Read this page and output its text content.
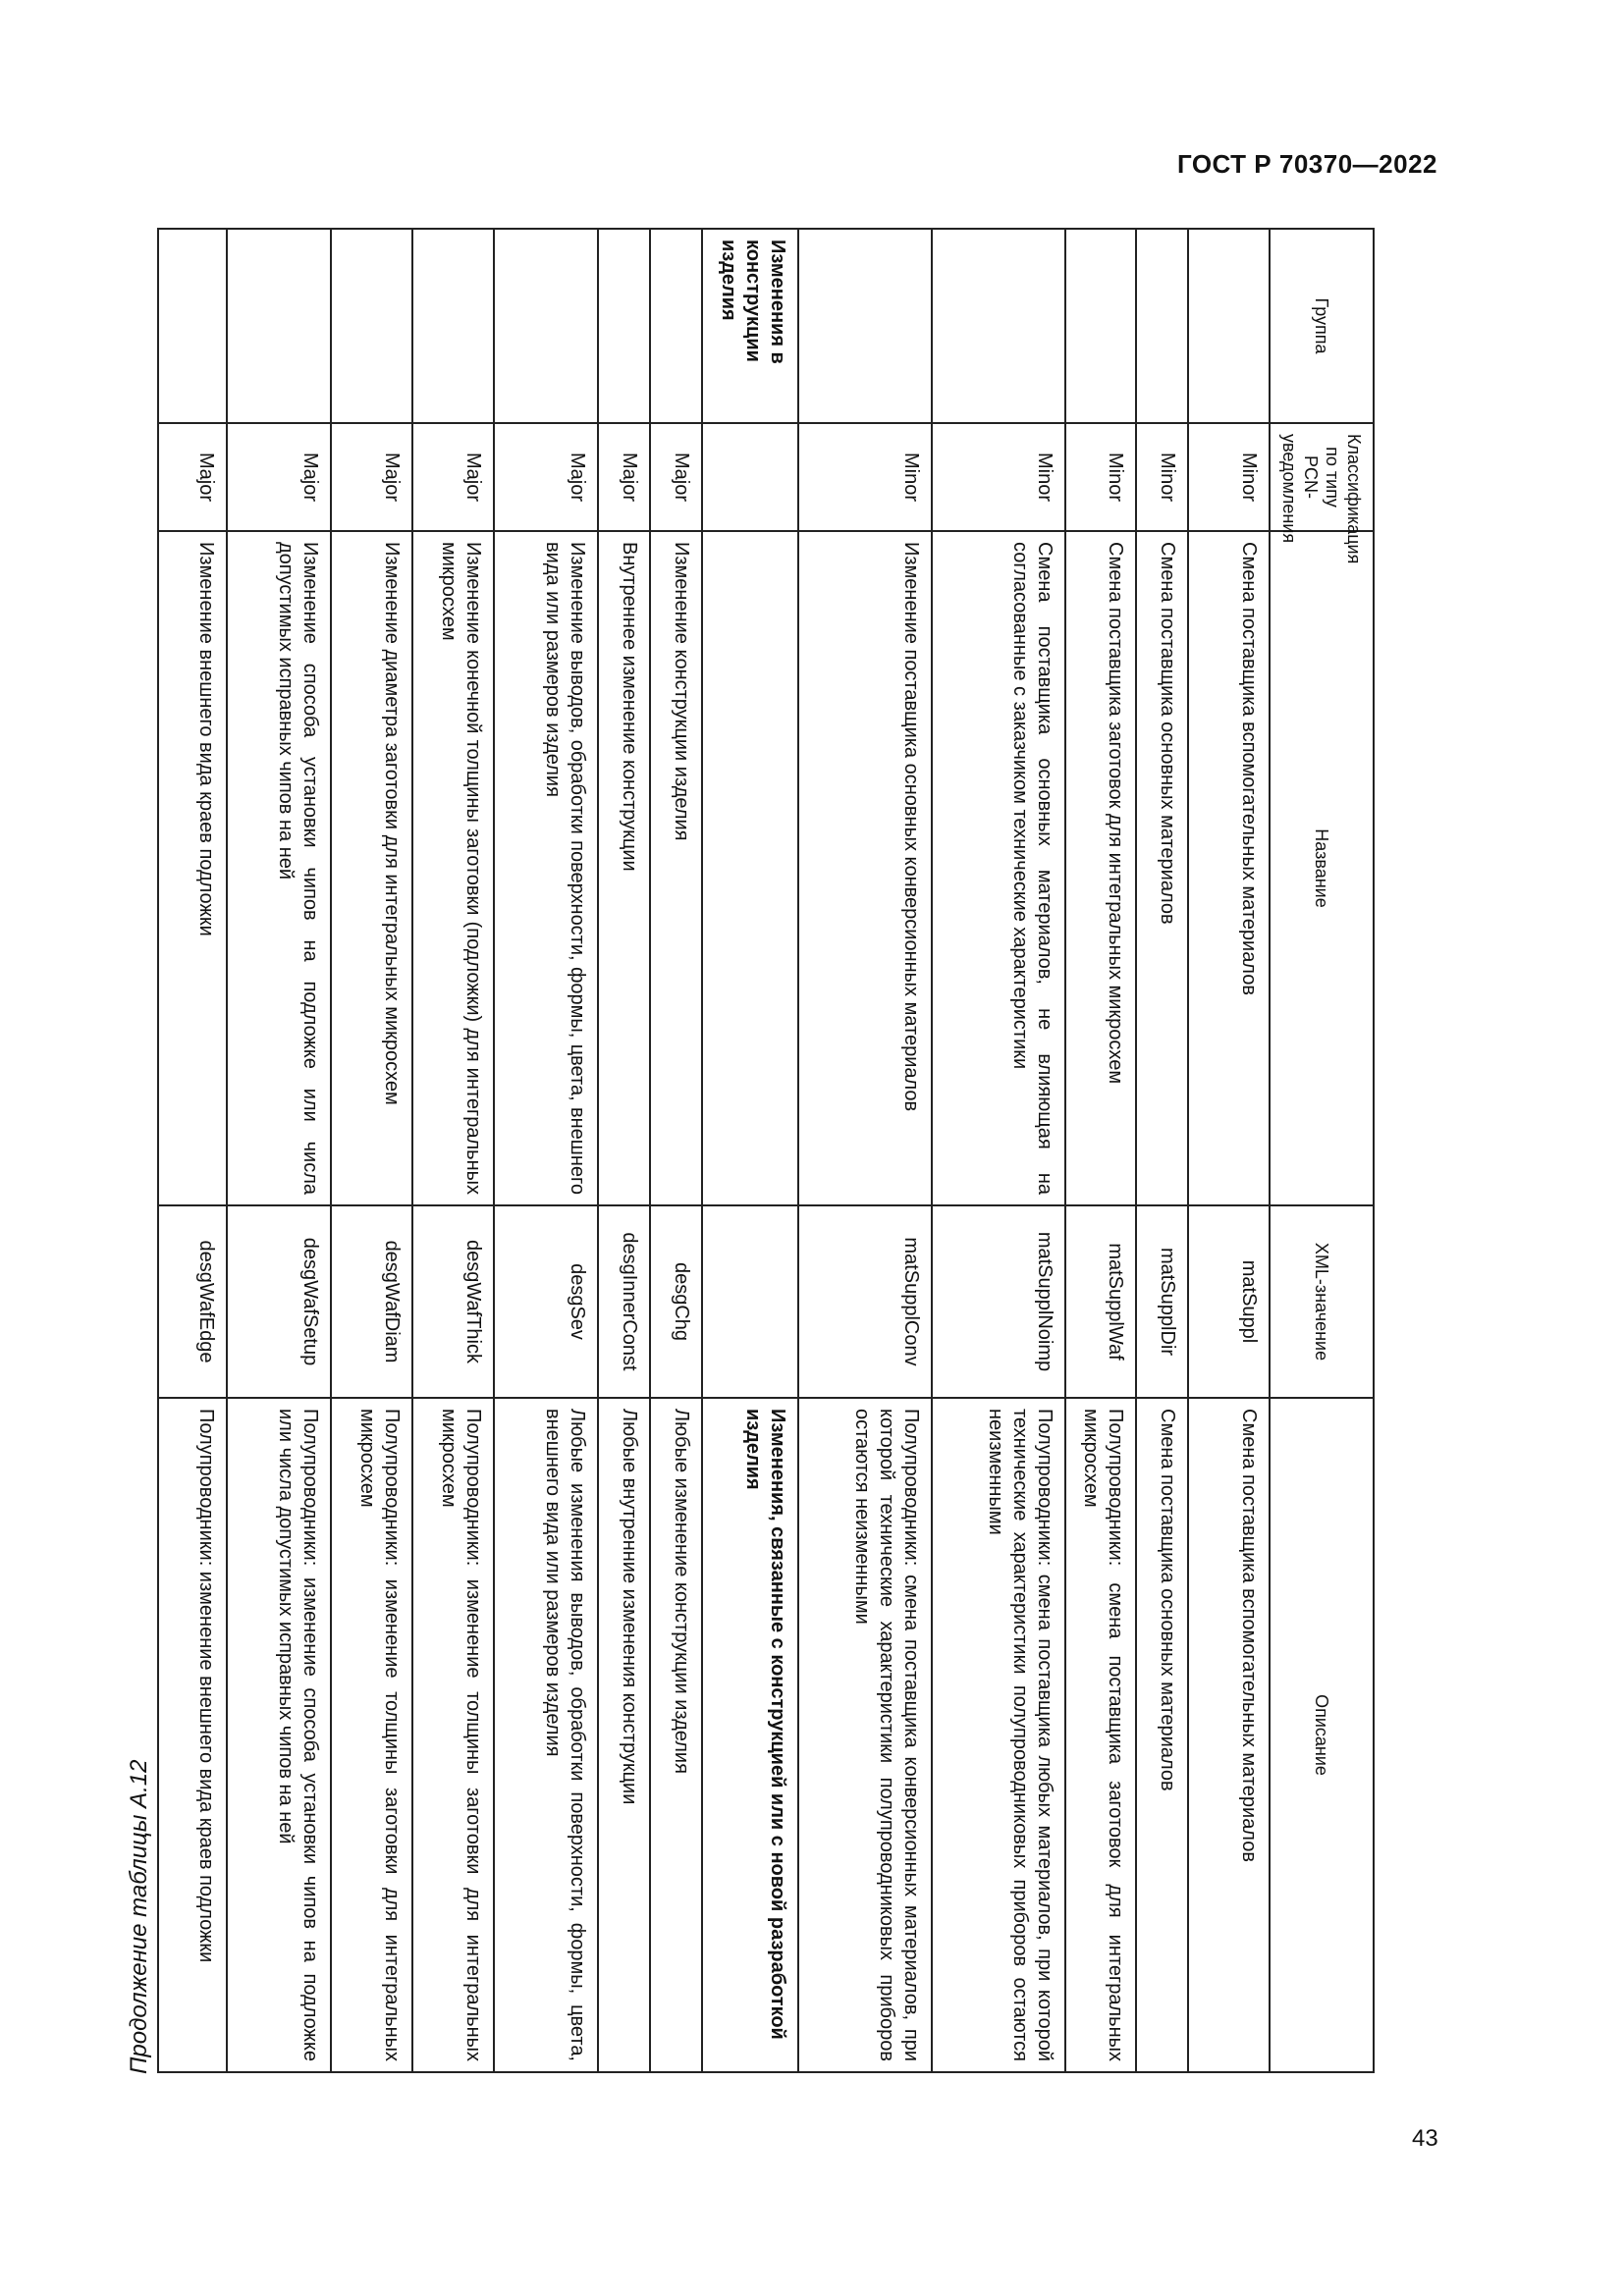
ГОСТ Р 70370—2022
Продолжение таблицы А.12
Группа	Классификация по типу PCN-уведомления	Название	XML-значение	Описание
	Minor	Смена поставщика вспомогательных материалов	matSuppl	Смена поставщика вспомогательных материалов
	Minor	Смена поставщика основных материалов	matSupplDir	Смена поставщика основных материалов
	Minor	Смена поставщика заготовок для интегральных микросхем	matSupplWaf	Полупроводники: смена поставщика заготовок для интегральных микросхем
	Minor	Смена поставщика основных материалов, не влияющая на согласованные с заказчиком технические характеристики	matSupplNoimp	Полупроводники: смена поставщика любых материалов, при которой технические характеристики полупроводниковых приборов остаются неизменными
	Minor	Изменение поставщика основных конверсионных материалов	matSupplConv	Полупроводники: смена поставщика конверсионных материалов, при которой технические характеристики полупроводниковых приборов остаются неизменными
Изменения в конструкции изделия				Изменения, связанные с конструкцией или с новой разработкой изделия
	Major	Изменение конструкции изделия	desgChg	Любые изменение конструкции изделия
	Major	Внутреннее изменение конструкции	desgInnerConst	Любые внутренние изменения конструкции
	Major	Изменение выводов, обработки поверхности, формы, цвета, внешнего вида или размеров изделия	desgSev	Любые изменения выводов, обработки поверхности, формы, цвета, внешнего вида или размеров изделия
	Major	Изменение конечной толщины заготовки (подложки) для интегральных микросхем	desgWafThick	Полупроводники: изменение толщины заготовки для интегральных микросхем
	Major	Изменение диаметра заготовки для интегральных микросхем	desgWafDiam	Полупроводники: изменение толщины заготовки для интегральных микросхем
	Major	Изменение способа установки чипов на подложке или числа допустимых исправных чипов на ней	desgWafSetup	Полупроводники: изменение способа установки чипов на подложке или числа допустимых исправных чипов на ней
	Major	Изменение внешнего вида краев подложки	desgWafEdge	Полупроводники: изменение внешнего вида краев подложки
43
